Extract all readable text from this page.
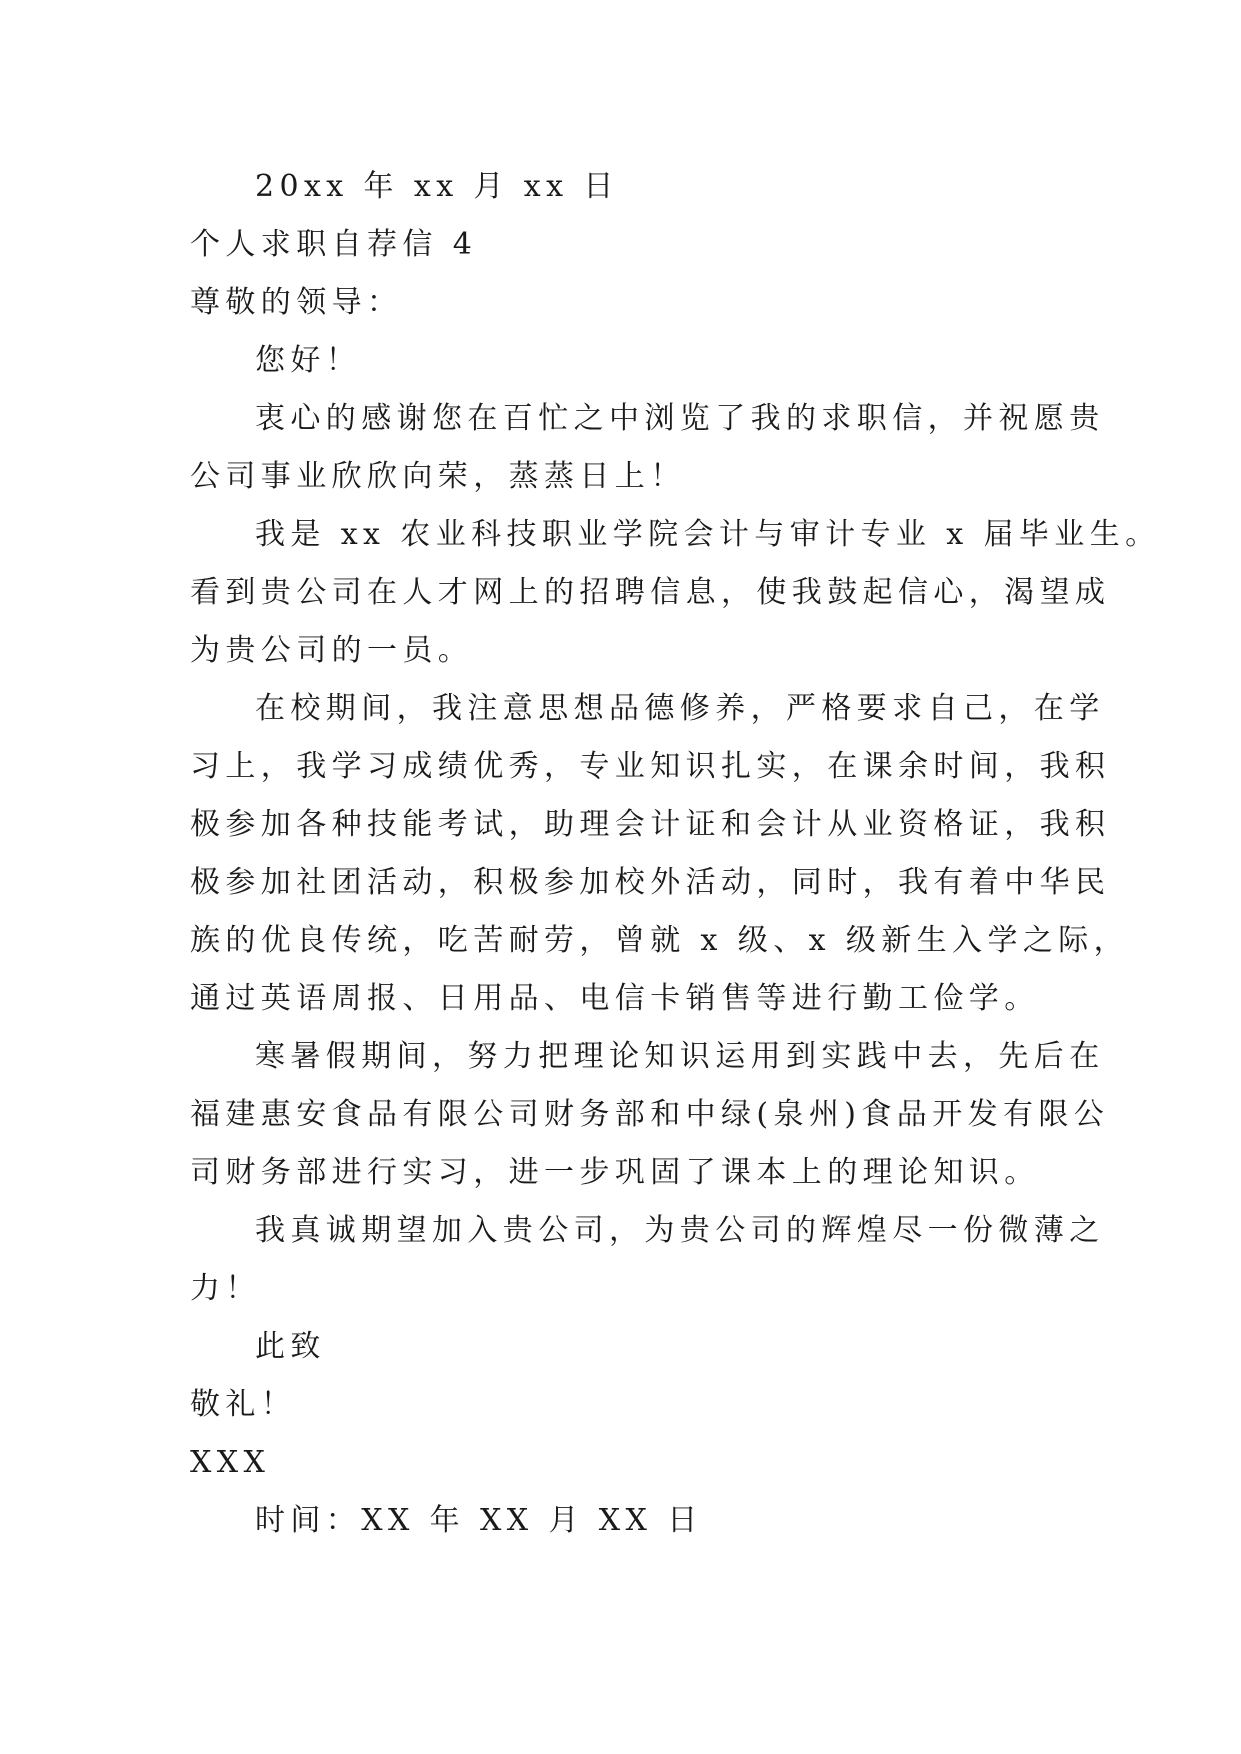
20xx 年 xx 月 xx 日
个人求职自荐信 4
尊敬的领导：
您好！
衷心的感谢您在百忙之中浏览了我的求职信，并祝愿贵
公司事业欣欣向荣，蒸蒸日上！
我是 xx 农业科技职业学院会计与审计专业 x 届毕业生。
看到贵公司在人才网上的招聘信息，使我鼓起信心，渴望成
为贵公司的一员。
在校期间，我注意思想品德修养，严格要求自己，在学
习上，我学习成绩优秀，专业知识扎实，在课余时间，我积
极参加各种技能考试，助理会计证和会计从业资格证，我积
极参加社团活动，积极参加校外活动，同时，我有着中华民
族的优良传统，吃苦耐劳，曾就 x 级、x 级新生入学之际，
通过英语周报、日用品、电信卡销售等进行勤工俭学。
寒暑假期间，努力把理论知识运用到实践中去，先后在
福建惠安食品有限公司财务部和中绿(泉州)食品开发有限公
司财务部进行实习，进一步巩固了课本上的理论知识。
我真诚期望加入贵公司，为贵公司的辉煌尽一份微薄之
力！
此致
敬礼！
XXX
时间：XX 年 XX 月 XX 日
